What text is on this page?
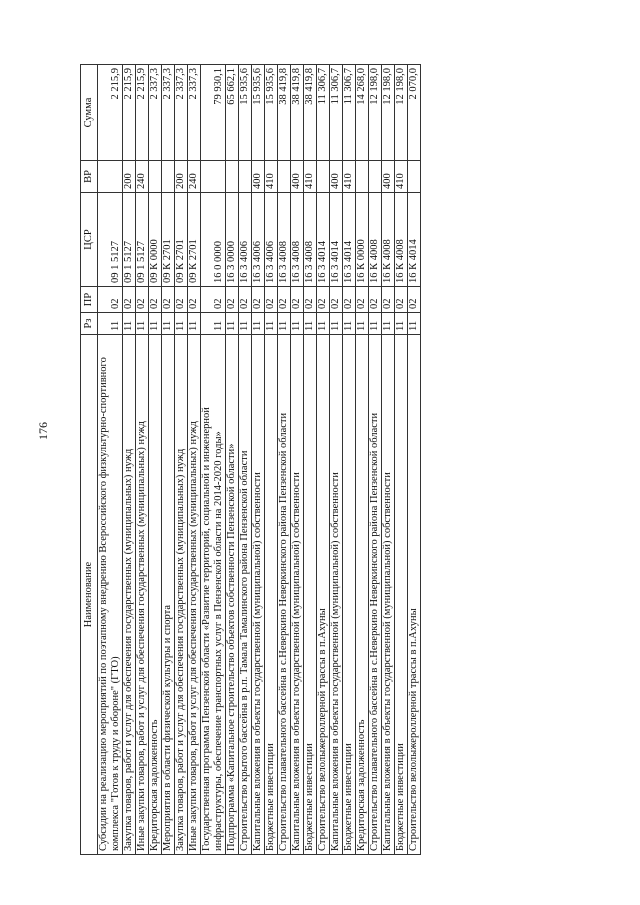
176
Наименование	Рз	ПР	ЦСР	ВР	Сумма
Субсидии на реализацию мероприятий по поэтапному внедрению Всероссийского физкультурно-спортивного комплекса "Готов к труду и обороне" (ГТО)	11	02	09 1 5127		2 215,9
Закупка товаров, работ и услуг для обеспечения государственных (муниципальных) нужд	11	02	09 1 5127	200	2 215,9
Иные закупки товаров, работ и услуг для обеспечения государственных (муниципальных) нужд	11	02	09 1 5127	240	2 215,9
Кредиторская задолженность	11	02	09 К 0000		2 337,3
Мероприятия в области физической культуры и спорта	11	02	09 К 2701		2 337,3
Закупка товаров, работ и услуг для обеспечения государственных (муниципальных) нужд	11	02	09 К 2701	200	2 337,3
Иные закупки товаров, работ и услуг для обеспечения государственных (муниципальных) нужд	11	02	09 К 2701	240	2 337,3
Государственная программа Пензенской области «Развитие территорий, социальной и инженерной инфраструктуры, обеспечение транспортных услуг в Пензенской области на 2014-2020 годы»	11	02	16 0 0000		79 930,1
Подпрограмма «Капитальное строительство объектов собственности Пензенской области»	11	02	16 3 0000		65 662,1
Строительство крытого бассейна в р.п. Тамала Тамалинского района Пензенской области	11	02	16 3 4006		15 935,6
Капитальные вложения в объекты государственной (муниципальной) собственности	11	02	16 3 4006	400	15 935,6
Бюджетные инвестиции	11	02	16 3 4006	410	15 935,6
Строительство плавательного бассейна в с.Неверкино Неверкинского района Пензенской области	11	02	16 3 4008		38 419,8
Капитальные вложения в объекты государственной (муниципальной) собственности	11	02	16 3 4008	400	38 419,8
Бюджетные инвестиции	11	02	16 3 4008	410	38 419,8
Строительство велолыжероллерной трассы в п.Ахуны	11	02	16 3 4014		11 306,7
Капитальные вложения в объекты государственной (муниципальной) собственности	11	02	16 3 4014	400	11 306,7
Бюджетные инвестиции	11	02	16 3 4014	410	11 306,7
Кредиторская задолженность	11	02	16 К 0000		14 268,0
Строительство плавательного бассейна в с.Неверкино Неверкинского района Пензенской области	11	02	16 К 4008		12 198,0
Капитальные вложения в объекты государственной (муниципальной) собственности	11	02	16 К 4008	400	12 198,0
Бюджетные инвестиции	11	02	16 К 4008	410	12 198,0
Строительство велолыжероллерной трассы в п.Ахуны	11	02	16 К 4014		2 070,0
